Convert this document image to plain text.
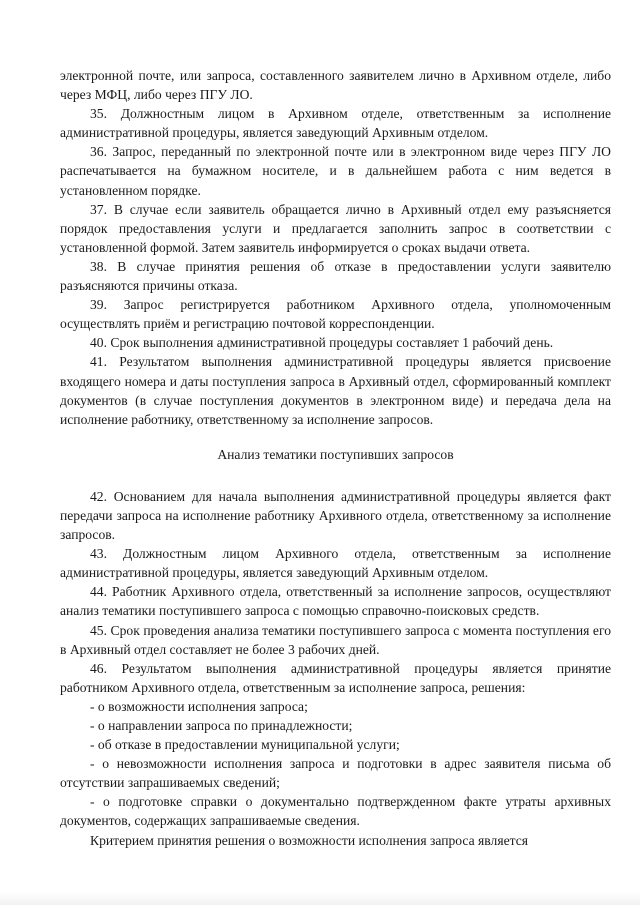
электронной почте, или запроса, составленного заявителем лично в Архивном отделе, либо через МФЦ, либо через ПГУ ЛО.

35. Должностным лицом в Архивном отделе, ответственным за исполнение административной процедуры, является заведующий Архивным отделом.

36. Запрос, переданный по электронной почте или в электронном виде через ПГУ ЛО распечатывается на бумажном носителе, и в дальнейшем работа с ним ведется в установленном порядке.

37. В случае если заявитель обращается лично в Архивный отдел ему разъясняется порядок предоставления услуги и предлагается заполнить запрос в соответствии с установленной формой. Затем заявитель информируется о сроках выдачи ответа.

38. В случае принятия решения об отказе в предоставлении услуги заявителю разъясняются причины отказа.

39. Запрос регистрируется работником Архивного отдела, уполномоченным осуществлять приём и регистрацию почтовой корреспонденции.

40. Срок выполнения административной процедуры составляет 1 рабочий день.

41. Результатом выполнения административной процедуры является присвоение входящего номера и даты поступления запроса в Архивный отдел, сформированный комплект документов (в случае поступления документов в электронном виде) и передача дела на исполнение работнику, ответственному за исполнение запросов.

Анализ тематики поступивших запросов

42. Основанием для начала выполнения административной процедуры является факт передачи запроса на исполнение работнику Архивного отдела, ответственному за исполнение запросов.

43. Должностным лицом Архивного отдела, ответственным за исполнение административной процедуры, является заведующий Архивным отделом.

44. Работник Архивного отдела, ответственный за исполнение запросов, осуществляют анализ тематики поступившего запроса с помощью справочно-поисковых средств.

45. Срок проведения анализа тематики поступившего запроса с момента поступления его в Архивный отдел составляет не более 3 рабочих дней.

46. Результатом выполнения административной процедуры является принятие работником Архивного отдела, ответственным за исполнение запроса, решения:

- о возможности исполнения запроса;

- о направлении запроса по принадлежности;

- об отказе в предоставлении муниципальной услуги;

- о невозможности исполнения запроса и подготовки в адрес заявителя письма об отсутствии запрашиваемых сведений;

- о подготовке справки о документально подтвержденном факте утраты архивных документов, содержащих запрашиваемые сведения.

Критерием принятия решения о возможности исполнения запроса является
